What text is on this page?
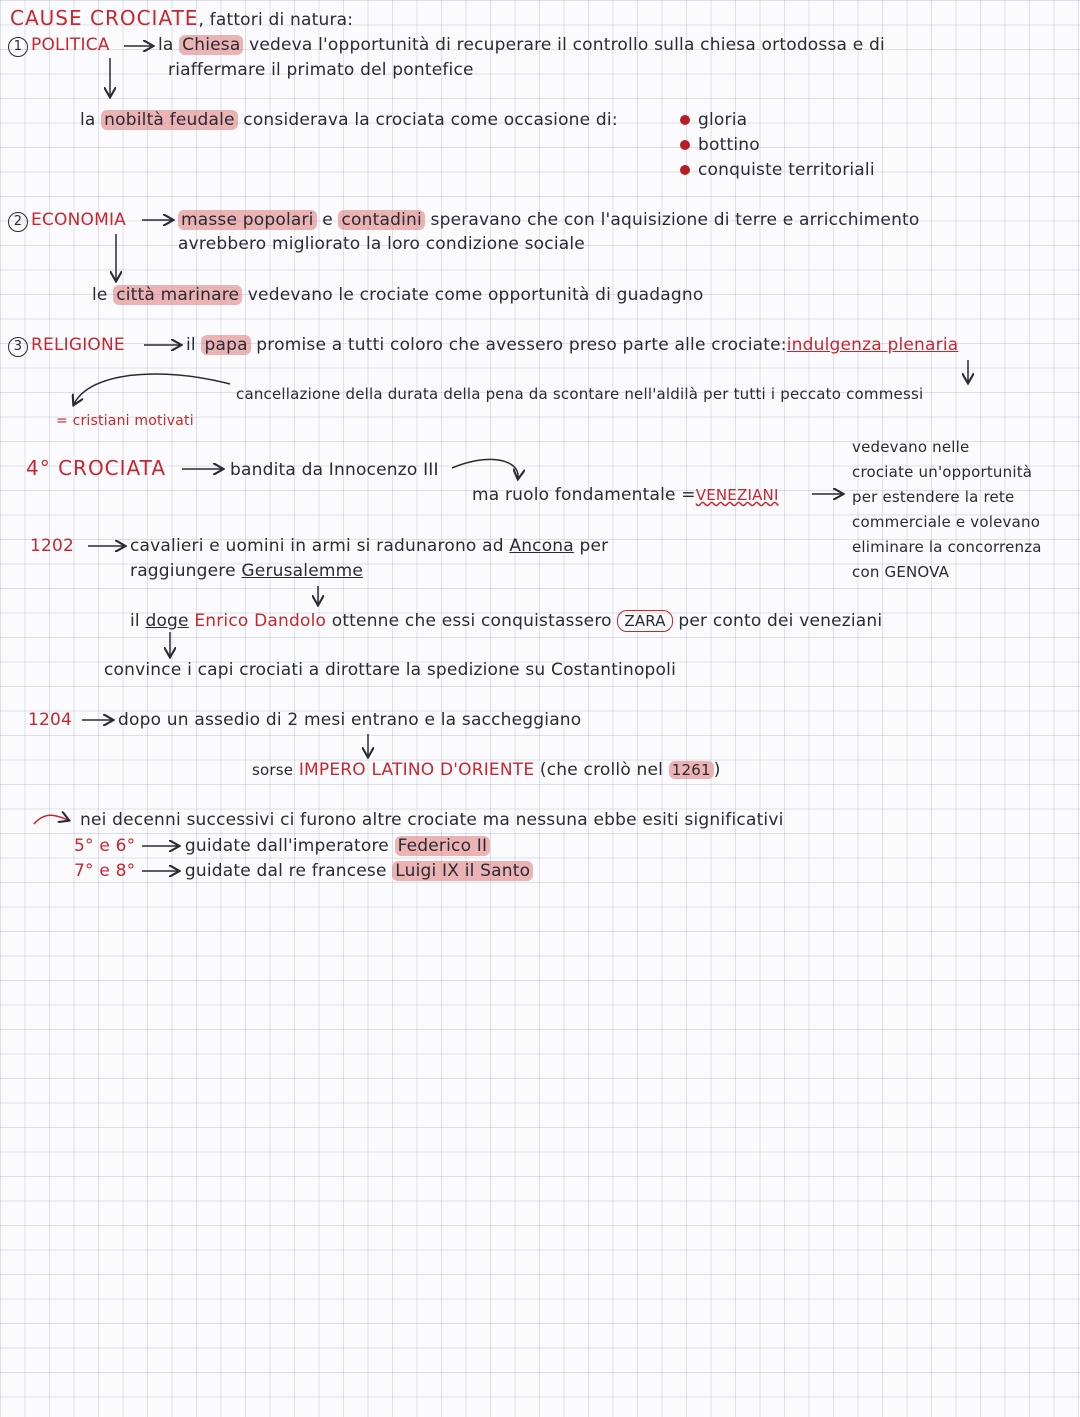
CAUSE CROCIATE, fattori di natura:
1 POLITICA	la Chiesa vedeva l'opportunità di recuperare il controllo sulla chiesa ortodossa e di
riaffermare il primato del pontefice
la nobiltà feudale considerava la crociata come occasione di:	gloria
bottino
conquiste territoriali
2 ECONOMIA	masse popolari e contadini speravano che con l'aquisizione di terre e arricchimento
avrebbero migliorato la loro condizione sociale
le città marinare vedevano le crociate come opportunità di guadagno
3 RELIGIONE	il papa promise a tutti coloro che avessero preso parte alle crociate:indulgenza plenaria
cancellazione della durata della pena da scontare nell'aldilà per tutti i peccato commessi
= cristiani motivati
4° CROCIATA	bandita da Innocenzo III
ma ruolo fondamentale =VENEZIANI
vedevano nelle
crociate un'opportunità
per estendere la rete
commerciale e volevano
eliminare la concorrenza
con GENOVA
1202	cavalieri e uomini in armi si radunarono ad Ancona per
raggiungere Gerusalemme
il doge Enrico Dandolo ottenne che essi conquistassero ZARA per conto dei veneziani
convince i capi crociati a dirottare la spedizione su Costantinopoli
1204	dopo un assedio di 2 mesi entrano e la saccheggiano
sorse IMPERO LATINO D'ORIENTE (che crollò nel 1261 )
nei decenni successivi ci furono altre crociate ma nessuna ebbe esiti significativi
5° e 6°	guidate dall'imperatore Federico II
7° e 8°	guidate dal re francese Luigi IX il Santo
